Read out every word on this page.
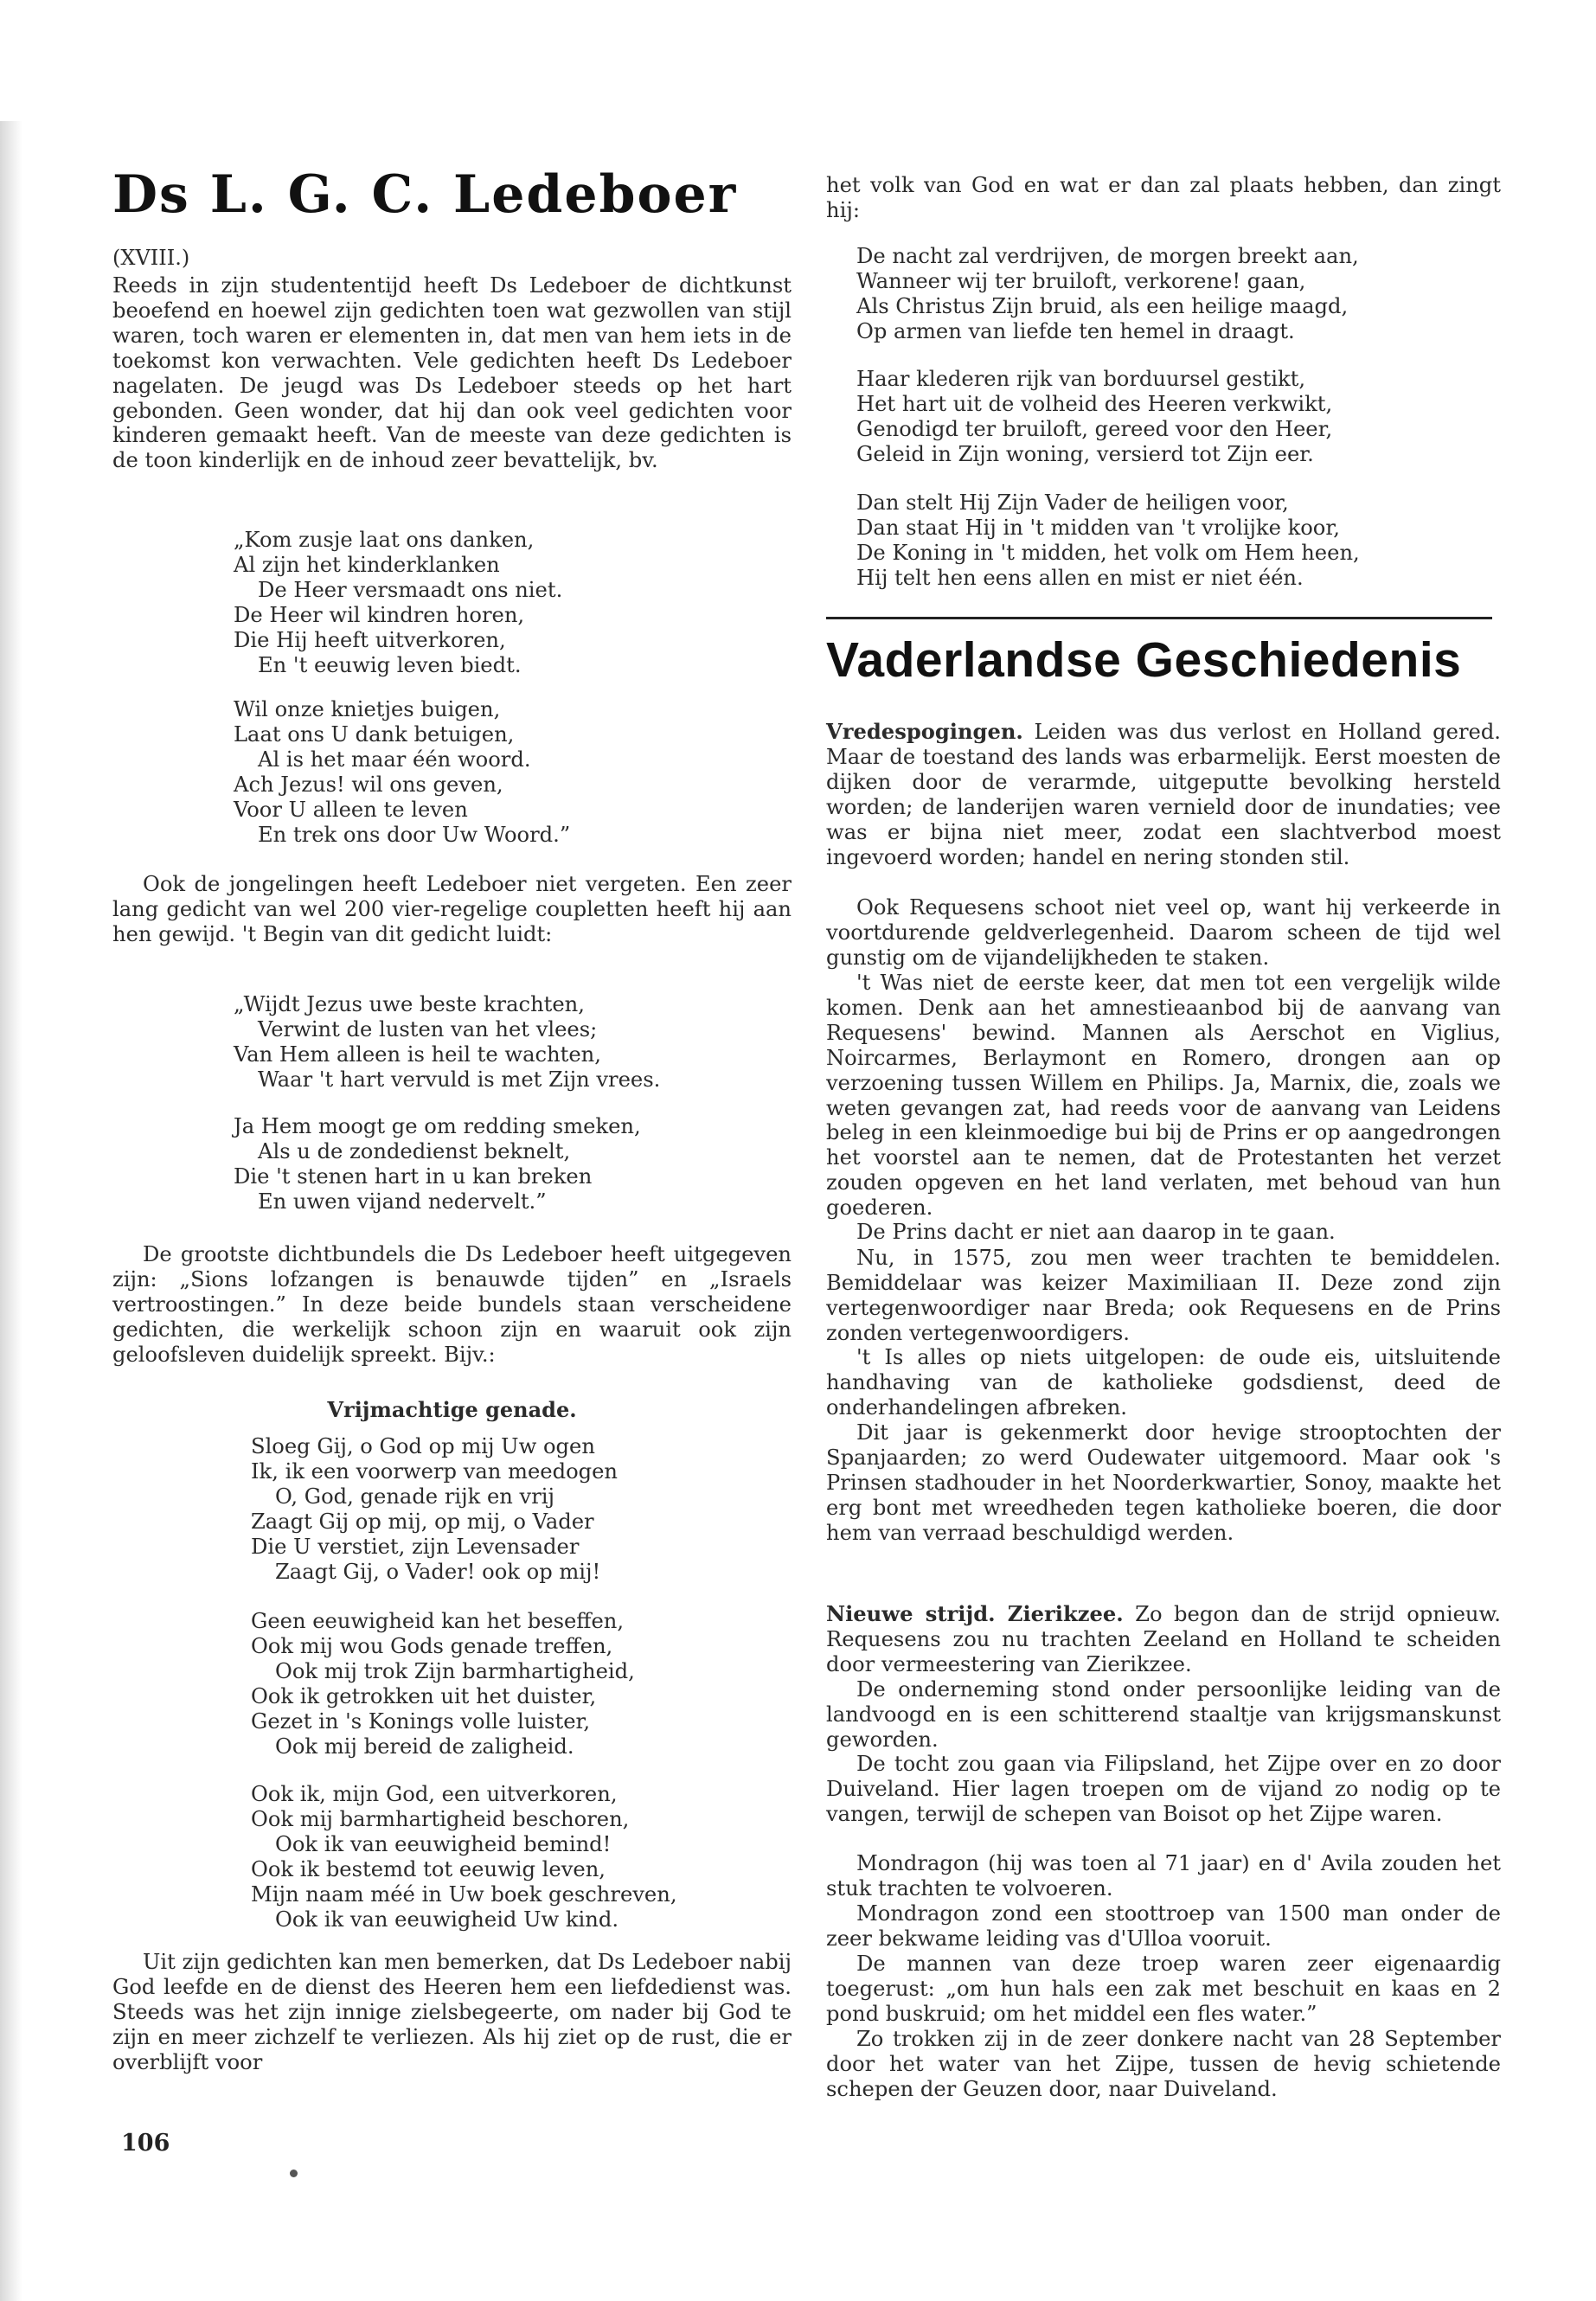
Ds L. G. C. Ledeboer
(XVIII.)

Reeds in zijn studententijd heeft Ds Ledeboer de dichtkunst beoefend en hoewel zijn gedichten toen wat gezwollen van stijl waren, toch waren er elementen in, dat men van hem iets in de toekomst kon verwachten. Vele gedichten heeft Ds Ledeboer nagelaten. De jeugd was Ds Ledeboer steeds op het hart gebonden. Geen wonder, dat hij dan ook veel gedichten voor kinderen gemaakt heeft. Van de meeste van deze gedichten is de toon kinderlijk en de inhoud zeer bevattelijk, bv.

„Kom zusje laat ons danken,
Al zijn het kinderklanken
De Heer versmaadt ons niet.
De Heer wil kindren horen,
Die Hij heeft uitverkoren,
En 't eeuwig leven biedt.
Wil onze knietjes buigen,
Laat ons U dank betuigen,
Al is het maar één woord.
Ach Jezus! wil ons geven,
Voor U alleen te leven
En trek ons door Uw Woord.”

Ook de jongelingen heeft Ledeboer niet vergeten. Een zeer lang gedicht van wel 200 vier-regelige coupletten heeft hij aan hen gewijd. 't Begin van dit gedicht luidt:

„Wijdt Jezus uwe beste krachten,
Verwint de lusten van het vlees;
Van Hem alleen is heil te wachten,
Waar 't hart vervuld is met Zijn vrees.
Ja Hem moogt ge om redding smeken,
Als u de zondedienst beknelt,
Die 't stenen hart in u kan breken
En uwen vijand nedervelt.”

De grootste dichtbundels die Ds Ledeboer heeft uitgegeven zijn: „Sions lofzangen is benauwde tijden” en „Israels vertroostingen.” In deze beide bundels staan verscheidene gedichten, die werkelijk schoon zijn en waaruit ook zijn geloofsleven duidelijk spreekt. Bijv.:

Vrijmachtige genade.

Sloeg Gij, o God op mij Uw ogen
Ik, ik een voorwerp van meedogen
O, God, genade rijk en vrij
Zaagt Gij op mij, op mij, o Vader
Die U verstiet, zijn Levensader
Zaagt Gij, o Vader! ook op mij!
Geen eeuwigheid kan het beseffen,
Ook mij wou Gods genade treffen,
Ook mij trok Zijn barmhartigheid,
Ook ik getrokken uit het duister,
Gezet in 's Konings volle luister,
Ook mij bereid de zaligheid.
Ook ik, mijn God, een uitverkoren,
Ook mij barmhartigheid beschoren,
Ook ik van eeuwigheid bemind!
Ook ik bestemd tot eeuwig leven,
Mijn naam méé in Uw boek geschreven,
Ook ik van eeuwigheid Uw kind.

Uit zijn gedichten kan men bemerken, dat Ds Ledeboer nabij God leefde en de dienst des Heeren hem een liefdedienst was. Steeds was het zijn innige zielsbegeerte, om nader bij God te zijn en meer zichzelf te verliezen. Als hij ziet op de rust, die er overblijft voor

106

het volk van God en wat er dan zal plaats hebben, dan zingt hij:

De nacht zal verdrijven, de morgen breekt aan,
Wanneer wij ter bruiloft, verkorene! gaan,
Als Christus Zijn bruid, als een heilige maagd,
Op armen van liefde ten hemel in draagt.
Haar klederen rijk van borduursel gestikt,
Het hart uit de volheid des Heeren verkwikt,
Genodigd ter bruiloft, gereed voor den Heer,
Geleid in Zijn woning, versierd tot Zijn eer.
Dan stelt Hij Zijn Vader de heiligen voor,
Dan staat Hij in 't midden van 't vrolijke koor,
De Koning in 't midden, het volk om Hem heen,
Hij telt hen eens allen en mist er niet één.
Vaderlandse Geschiedenis

Vredespogingen. Leiden was dus verlost en Holland gered. Maar de toestand des lands was erbarmelijk. Eerst moesten de dijken door de verarmde, uitgeputte bevolking hersteld worden; de landerijen waren vernield door de inundaties; vee was er bijna niet meer, zodat een slachtverbod moest ingevoerd worden; handel en nering stonden stil.

Ook Requesens schoot niet veel op, want hij verkeerde in voortdurende geldverlegenheid. Daarom scheen de tijd wel gunstig om de vijandelijkheden te staken.

't Was niet de eerste keer, dat men tot een vergelijk wilde komen. Denk aan het amnestieaanbod bij de aanvang van Requesens' bewind. Mannen als Aerschot en Viglius, Noircarmes, Berlaymont en Romero, drongen aan op verzoening tussen Willem en Philips. Ja, Marnix, die, zoals we weten gevangen zat, had reeds voor de aanvang van Leidens beleg in een kleinmoedige bui bij de Prins er op aangedrongen het voorstel aan te nemen, dat de Protestanten het verzet zouden opgeven en het land verlaten, met behoud van hun goederen.

De Prins dacht er niet aan daarop in te gaan.

Nu, in 1575, zou men weer trachten te bemiddelen. Bemiddelaar was keizer Maximiliaan II. Deze zond zijn vertegenwoordiger naar Breda; ook Requesens en de Prins zonden vertegenwoordigers.

't Is alles op niets uitgelopen: de oude eis, uitsluitende handhaving van de katholieke godsdienst, deed de onderhandelingen afbreken.

Dit jaar is gekenmerkt door hevige strooptochten der Spanjaarden; zo werd Oudewater uitgemoord. Maar ook 's Prinsen stadhouder in het Noorderkwartier, Sonoy, maakte het erg bont met wreedheden tegen katholieke boeren, die door hem van verraad beschuldigd werden.

Nieuwe strijd. Zierikzee. Zo begon dan de strijd opnieuw. Requesens zou nu trachten Zeeland en Holland te scheiden door vermeestering van Zierikzee.

De onderneming stond onder persoonlijke leiding van de landvoogd en is een schitterend staaltje van krijgsmanskunst geworden.

De tocht zou gaan via Filipsland, het Zijpe over en zo door Duiveland. Hier lagen troepen om de vijand zo nodig op te vangen, terwijl de schepen van Boisot op het Zijpe waren.

Mondragon (hij was toen al 71 jaar) en d' Avila zouden het stuk trachten te volvoeren.

Mondragon zond een stoottroep van 1500 man onder de zeer bekwame leiding vas d'Ulloa vooruit.

De mannen van deze troep waren zeer eigenaardig toegerust: „om hun hals een zak met beschuit en kaas en 2 pond buskruid; om het middel een fles water.”

Zo trokken zij in de zeer donkere nacht van 28 September door het water van het Zijpe, tussen de hevig schietende schepen der Geuzen door, naar Duiveland.
